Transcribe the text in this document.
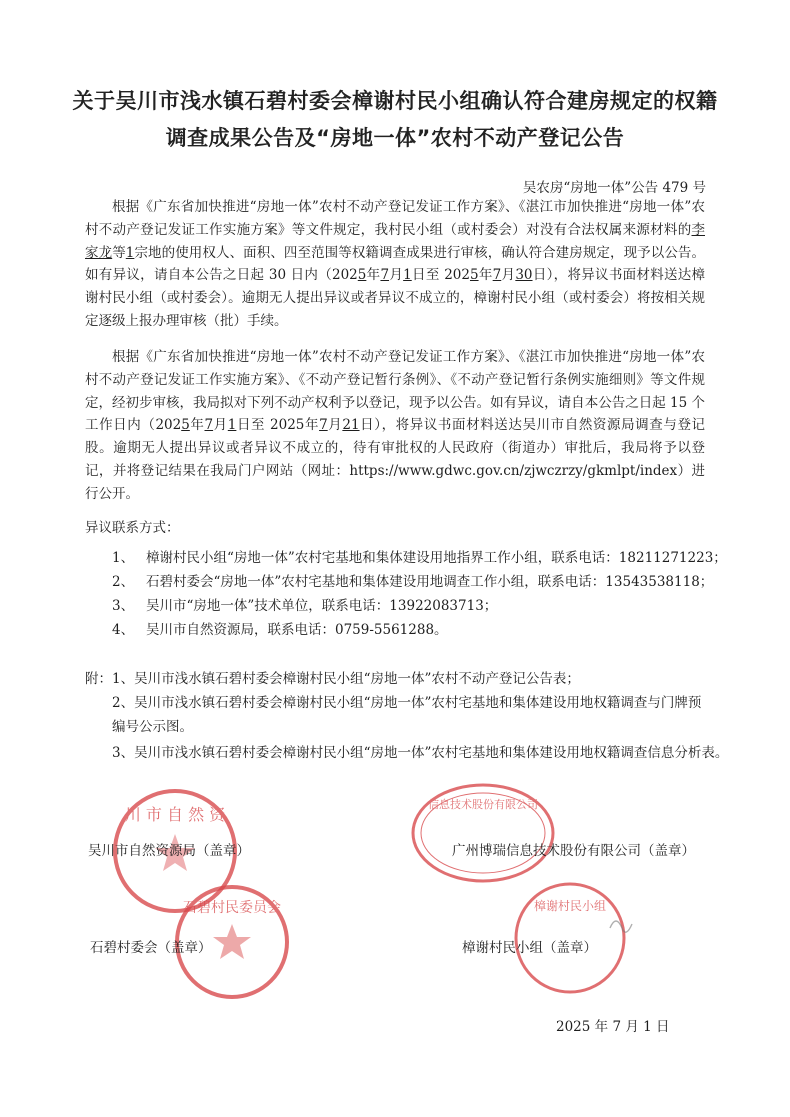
关于吴川市浅水镇石碧村委会樟谢村民小组确认符合建房规定的权籍
调查成果公告及“房地一体”农村不动产登记公告
吴农房“房地一体”公告 479 号

根据《广东省加快推进“房地一体”农村不动产登记发证工作方案》、《湛江市加快推进“房地一体”农村不动产登记发证工作实施方案》等文件规定，我村民小组（或村委会）对没有合法权属来源材料的李家龙等1宗地的使用权人、面积、四至范围等权籍调查成果进行审核，确认符合建房规定，现予以公告。如有异议，请自本公告之日起 30 日内（2025年7月1日至 2025年7月30日），将异议书面材料送达樟谢村民小组（或村委会）。逾期无人提出异议或者异议不成立的，樟谢村民小组（或村委会）将按相关规定逐级上报办理审核（批）手续。

根据《广东省加快推进“房地一体”农村不动产登记发证工作方案》、《湛江市加快推进“房地一体”农村不动产登记发证工作实施方案》、《不动产登记暂行条例》、《不动产登记暂行条例实施细则》等文件规定，经初步审核，我局拟对下列不动产权利予以登记，现予以公告。如有异议，请自本公告之日起 15 个工作日内（2025年7月1日至 2025年7月21日），将异议书面材料送达吴川市自然资源局调查与登记股。逾期无人提出异议或者异议不成立的，待有审批权的人民政府（街道办）审批后，我局将予以登记，并将登记结果在我局门户网站（网址：https://www.gdwc.gov.cn/zjwczrzy/gkmlpt/index）进行公开。

异议联系方式：
1、 樟谢村民小组“房地一体”农村宅基地和集体建设用地指界工作小组，联系电话：18211271223；
2、 石碧村委会“房地一体”农村宅基地和集体建设用地调查工作小组，联系电话：13543538118；
3、 吴川市“房地一体”技术单位，联系电话：13922083713；
4、 吴川市自然资源局，联系电话：0759-5561288。
附：1、吴川市浅水镇石碧村委会樟谢村民小组“房地一体”农村不动产登记公告表；
2、吴川市浅水镇石碧村委会樟谢村民小组“房地一体”农村宅基地和集体建设用地权籍调查与门牌预编号公示图。
3、吴川市浅水镇石碧村委会樟谢村民小组“房地一体”农村宅基地和集体建设用地权籍调查信息分析表。
川 市 自 然 资
信息技术股份有限公司
石碧村民委员会	樟谢村民小组
吴川市自然资源局（盖章）	广州博瑞信息技术股份有限公司（盖章）
石碧村委会（盖章）	樟谢村民小组（盖章）
2025 年 7 月 1 日
